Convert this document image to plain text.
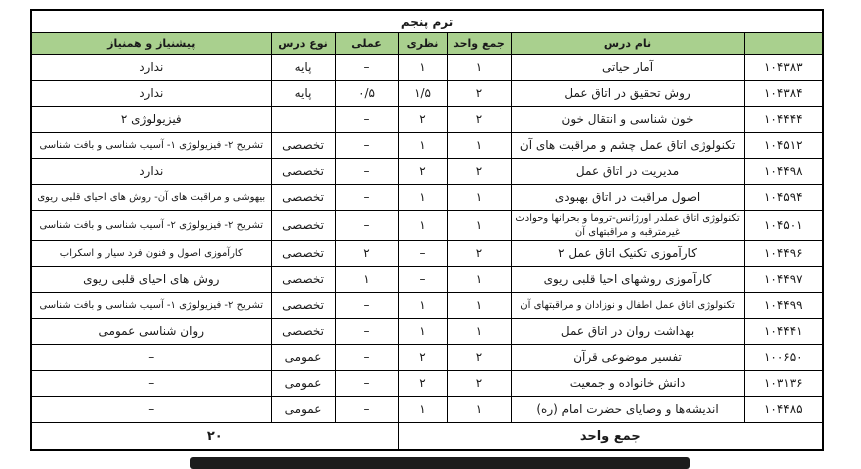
ترم پنجم						
	نام درس	جمع واحد	نظری	عملی	نوع درس	پیشنیاز و همنیاز
۱۰۴۳۸۳	آمار حیاتی	۱	۱	–	پایه	ندارد
۱۰۴۳۸۴	روش تحقیق در اتاق عمل	۲	۱/۵	۰/۵	پایه	ندارد
۱۰۴۴۴۴	خون شناسی و انتقال خون	۲	۲	–		فیزیولوژی ۲
۱۰۴۵۱۲	تکنولوژی اتاق عمل چشم و مراقبت های آن	۱	۱	–	تخصصی	تشریح ۲- فیزیولوژی ۱- آسیب شناسی و بافت شناسی
۱۰۴۴۹۸	مدیریت در اتاق عمل	۲	۲	–	تخصصی	ندارد
۱۰۴۵۹۴	اصول مراقبت در اتاق بهبودی	۱	۱	–	تخصصی	بیهوشی و مراقبت های آن- روش های احیای قلبی ریوی
۱۰۴۵۰۱	تکنولوژی اتاق عملدر اورژانس-تروما و بحرانها وحوادث غیرمترقبه و مراقبتهای آن	۱	۱	–	تخصصی	تشریح ۲- فیزیولوژی ۲- آسیب شناسی و بافت شناسی
۱۰۴۴۹۶	کارآموزی تکنیک اتاق عمل ۲	۲	–	۲	تخصصی	کارآموزی اصول و فنون فرد سیار و اسکراب
۱۰۴۴۹۷	کارآموزی روشهای احیا قلبی ریوی	۱	–	۱	تخصصی	روش های احیای قلبی ریوی
۱۰۴۴۹۹	تکنولوژی اتاق عمل اطفال و نوزادان و مراقبتهای آن	۱	۱	–	تخصصی	تشریح ۲- فیزیولوژی ۱- آسیب شناسی و بافت شناسی
۱۰۴۴۴۱	بهداشت روان در اتاق عمل	۱	۱	–	تخصصی	روان شناسی عمومی
۱۰۰۶۵۰	تفسیر موضوعی قرآن	۲	۲	–	عمومی	–
۱۰۳۱۳۶	دانش خانواده و جمعیت	۲	۲	–	عمومی	–
۱۰۴۴۸۵	اندیشه‌ها و وصایای حضرت امام (ره)	۱	۱	–	عمومی	–
جمع واحد				۲۰		
